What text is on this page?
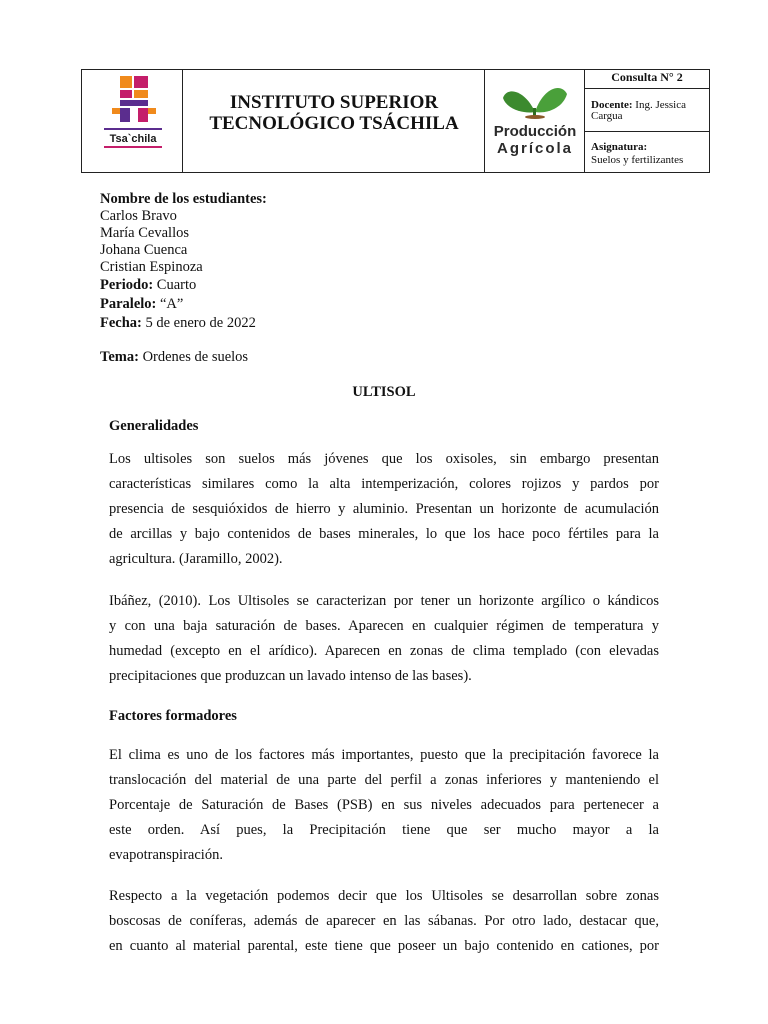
Tsa`chila
INSTITUTO SUPERIOR
TECNOLÓGICO TSÁCHILA	Producción
Agrícola
Consulta N° 2
Docente: Ing. Jessica Cargua
Asignatura:
Suelos y fertilizantes
Nombre de los estudiantes:
Carlos Bravo
María Cevallos
Johana Cuenca
Cristian Espinoza
Periodo: Cuarto
Paralelo: “A”
Fecha: 5 de enero de 2022
Tema: Ordenes de suelos
ULTISOL
Generalidades
Los ultisoles son suelos más jóvenes que los oxisoles, sin embargo presentan
características similares como la alta intemperización, colores rojizos y pardos por
presencia de sesquióxidos de hierro y aluminio. Presentan un horizonte de acumulación
de arcillas y bajo contenidos de bases minerales, lo que los hace poco fértiles para la
agricultura. (Jaramillo, 2002).
Ibáñez, (2010). Los Ultisoles se caracterizan por tener un horizonte argílico o kándicos
y con una baja saturación de bases. Aparecen en cualquier régimen de temperatura y
humedad (excepto en el arídico). Aparecen en zonas de clima templado (con elevadas
precipitaciones que produzcan un lavado intenso de las bases).
Factores formadores
El clima es uno de los factores más importantes, puesto que la precipitación favorece la
translocación del material de una parte del perfil a zonas inferiores y manteniendo el
Porcentaje de Saturación de Bases (PSB) en sus niveles adecuados para pertenecer a
este orden. Así pues, la Precipitación tiene que ser mucho mayor a la
evapotranspiración.
Respecto a la vegetación podemos decir que los Ultisoles se desarrollan sobre zonas
boscosas de coníferas, además de aparecer en las sábanas. Por otro lado, destacar que,
en cuanto al material parental, este tiene que poseer un bajo contenido en cationes, por
